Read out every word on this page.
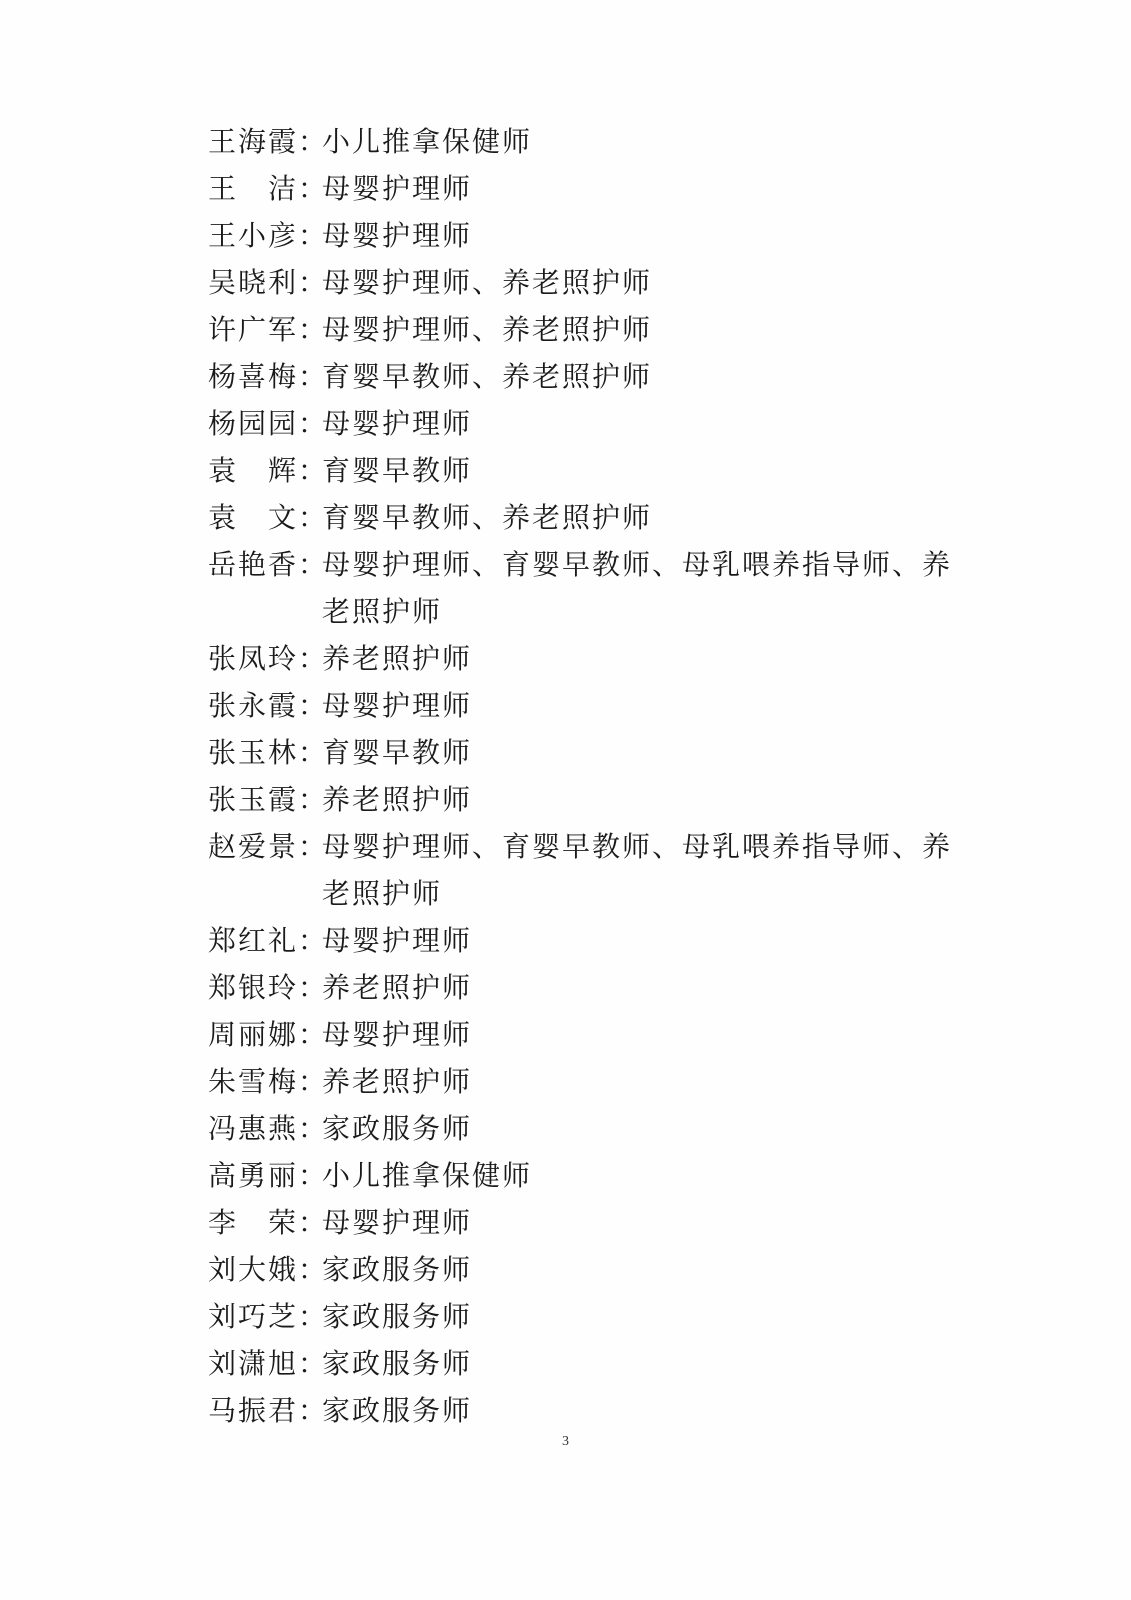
王海霞：
小儿推拿保健师
王　洁：
母婴护理师
王小彦：
母婴护理师
吴晓利：
母婴护理师、养老照护师
许广军：
母婴护理师、养老照护师
杨喜梅：
育婴早教师、养老照护师
杨园园：
母婴护理师
袁　辉：
育婴早教师
袁　文：
育婴早教师、养老照护师
岳艳香：
母婴护理师、育婴早教师、母乳喂养指导师、养老照护师
张凤玲：
养老照护师
张永霞：
母婴护理师
张玉林：
育婴早教师
张玉霞：
养老照护师
赵爱景：
母婴护理师、育婴早教师、母乳喂养指导师、养老照护师
郑红礼：
母婴护理师
郑银玲：
养老照护师
周丽娜：
母婴护理师
朱雪梅：
养老照护师
冯惠燕：
家政服务师
高勇丽：
小儿推拿保健师
李　荣：
母婴护理师
刘大娥：
家政服务师
刘巧芝：
家政服务师
刘潇旭：
家政服务师
马振君：
家政服务师
3
